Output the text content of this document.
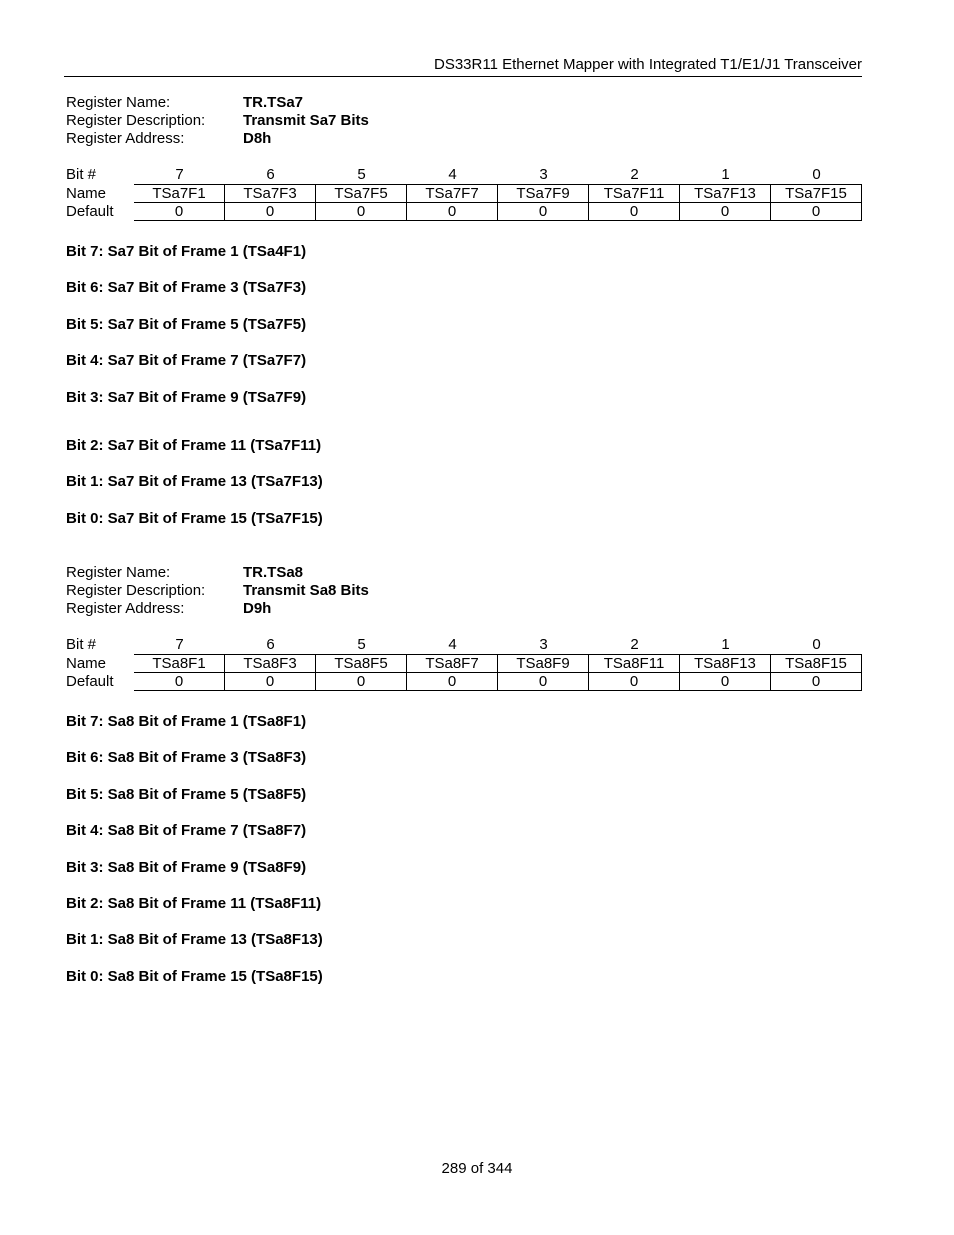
DS33R11 Ethernet Mapper with Integrated T1/E1/J1 Transceiver
Register Name:	TR.TSa7
Register Description:	Transmit Sa7 Bits
Register Address:	D8h
Bit #	7	6	5	4	3	2	1	0
Name	TSa7F1	TSa7F3	TSa7F5	TSa7F7	TSa7F9	TSa7F11	TSa7F13	TSa7F15
Default	0	0	0	0	0	0	0	0
Bit 7: Sa7 Bit of Frame 1 (TSa4F1)
Bit 6: Sa7 Bit of Frame 3 (TSa7F3)
Bit 5: Sa7 Bit of Frame 5 (TSa7F5)
Bit 4: Sa7 Bit of Frame 7 (TSa7F7)
Bit 3: Sa7 Bit of Frame 9 (TSa7F9)
Bit 2: Sa7 Bit of Frame 11 (TSa7F11)
Bit 1: Sa7 Bit of Frame 13 (TSa7F13)
Bit 0: Sa7 Bit of Frame 15 (TSa7F15)
Register Name:	TR.TSa8
Register Description:	Transmit Sa8 Bits
Register Address:	D9h
Bit #	7	6	5	4	3	2	1	0
Name	TSa8F1	TSa8F3	TSa8F5	TSa8F7	TSa8F9	TSa8F11	TSa8F13	TSa8F15
Default	0	0	0	0	0	0	0	0
Bit 7: Sa8 Bit of Frame 1 (TSa8F1)
Bit 6: Sa8 Bit of Frame 3 (TSa8F3)
Bit 5: Sa8 Bit of Frame 5 (TSa8F5)
Bit 4: Sa8 Bit of Frame 7 (TSa8F7)
Bit 3: Sa8 Bit of Frame 9 (TSa8F9)
Bit 2: Sa8 Bit of Frame 11 (TSa8F11)
Bit 1: Sa8 Bit of Frame 13 (TSa8F13)
Bit 0: Sa8 Bit of Frame 15 (TSa8F15)
289 of 344
